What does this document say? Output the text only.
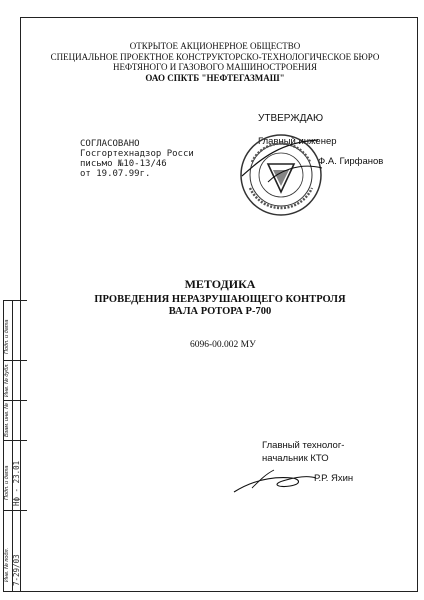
ОТКРЫТОЕ АКЦИОНЕРНОЕ ОБЩЕСТВО
СПЕЦИАЛЬНОЕ ПРОЕКТНОЕ КОНСТРУКТОРСКО-ТЕХНОЛОГИЧЕСКОЕ БЮРО
НЕФТЯНОГО И ГАЗОВОГО МАШИНОСТРОЕНИЯ
ОАО СПКТБ "НЕФТЕГАЗМАШ"
УТВЕРЖДАЮ
Главный инженер
Ф.А. Гирфанов
СОГЛАСОВАНО
Госгортехнадзор Росси
письмо №10-13/46
от 19.07.99г.
МЕТОДИКА
ПРОВЕДЕНИЯ НЕРАЗРУШАЮЩЕГО КОНТРОЛЯ
ВАЛА РОТОРА Р-700
6096-00.002 МУ
Главный технолог-
начальник КТО
Р.Р. Яхин
Подп. и дата
Инв. № дубл.
Взам. инв. №
Подп. и дата
Инв. № подл.
Нф - 23.01
7-29/03
